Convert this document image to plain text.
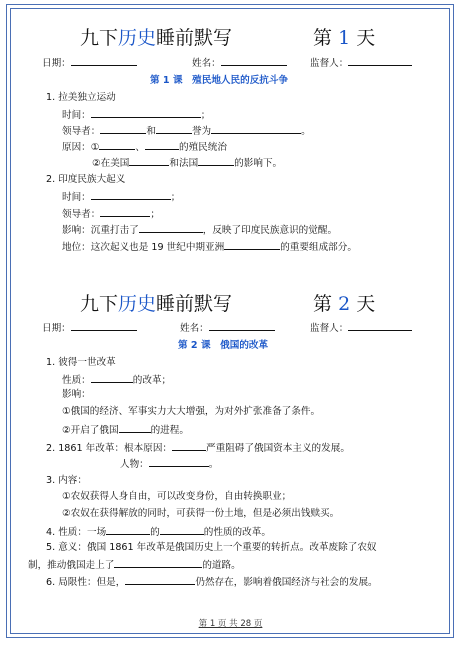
九下历史睡前默写	第 1 天
日期：	姓名：	监督人：
第 1 课　殖民地人民的反抗斗争
1. 拉美独立运动
时间：	；
领导者：	和	誉为	。
原因：①	、	的殖民统治
②在美国	和法国	的影响下。
2. 印度民族大起义
时间：	；
领导者：	；
影响：沉重打击了	，反映了印度民族意识的觉醒。
地位：这次起义也是 19 世纪中期亚洲	的重要组成部分。
九下历史睡前默写	第 2 天
日期：	姓名：	监督人：
第 2 课　俄国的改革
1. 彼得一世改革
性质：	的改革；
影响：
①俄国的经济、军事实力大大增强，为对外扩张准备了条件。
②开启了俄国	的进程。
2. 1861 年改革：根本原因：	严重阻碍了俄国资本主义的发展。
人物：	。
3. 内容：
①农奴获得人身自由，可以改变身份，自由转换职业；
②农奴在获得解放的同时，可获得一份土地，但是必须出钱赎买。
4. 性质：一场	的	的性质的改革。
5. 意义：俄国 1861 年改革是俄国历史上一个重要的转折点。改革废除了农奴
制，推动俄国走上了	的道路。
6. 局限性：但是，	仍然存在，影响着俄国经济与社会的发展。
第 1 页 共 28 页
